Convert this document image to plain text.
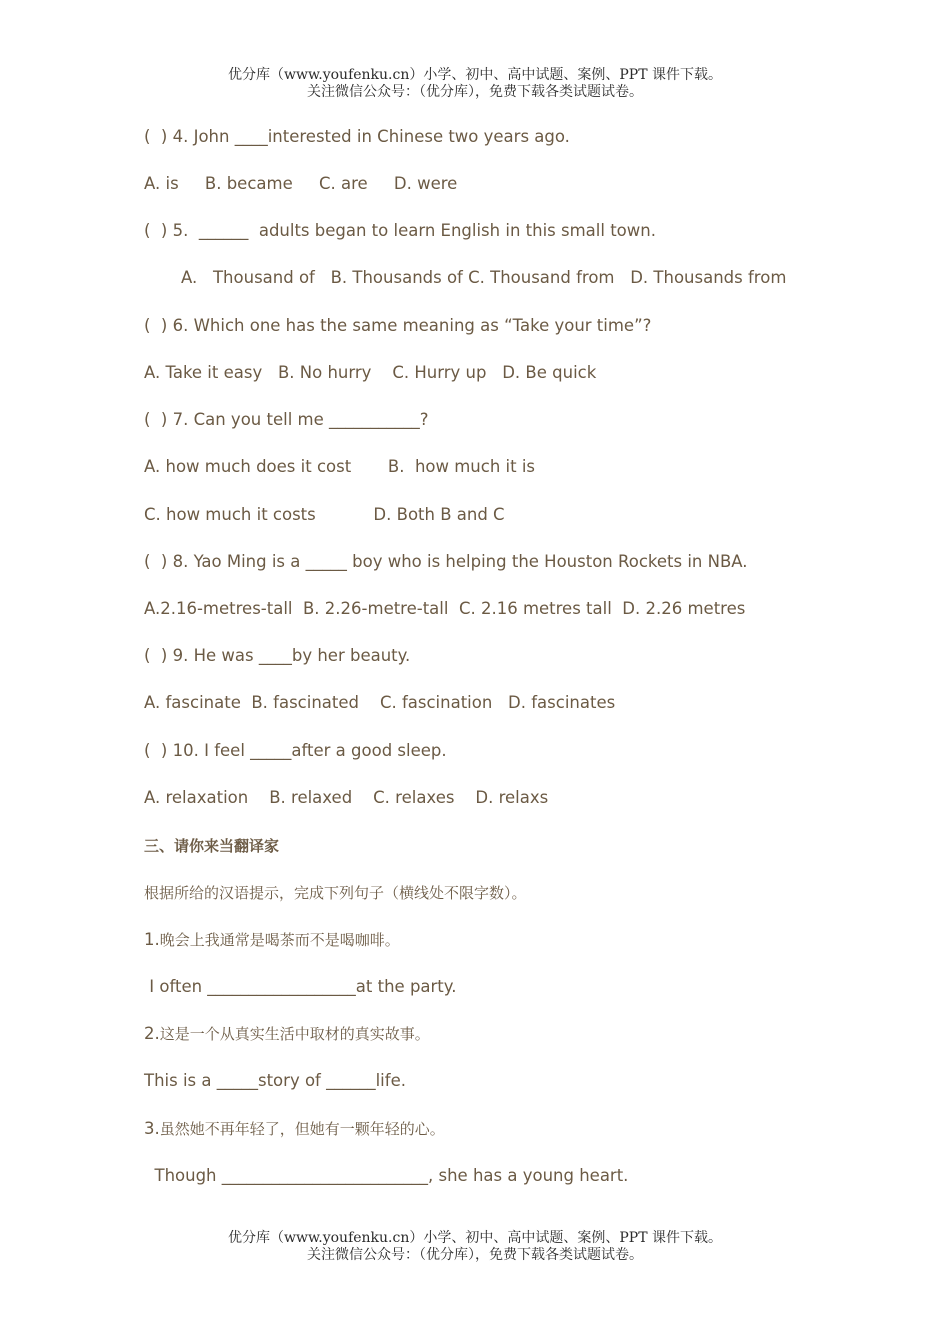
优分库（www.youfenku.cn）小学、初中、高中试题、案例、PPT 课件下载。
关注微信公众号：（优分库），免费下载各类试题试卷。
(  ) 4. John ____interested in Chinese two years ago.
A. is     B. became     C. are     D. were
(  ) 5.  ______  adults began to learn English in this small town.
A.   Thousand of   B. Thousands of C. Thousand from   D. Thousands from
(  ) 6. Which one has the same meaning as “Take your time”?
A. Take it easy   B. No hurry    C. Hurry up   D. Be quick
(  ) 7. Can you tell me ___________?
A. how much does it cost       B.  how much it is
C. how much it costs           D. Both B and C
(  ) 8. Yao Ming is a _____ boy who is helping the Houston Rockets in NBA.
A.2.16-metres-tall  B. 2.26-metre-tall  C. 2.16 metres tall  D. 2.26 metres
(  ) 9. He was ____by her beauty.
A. fascinate  B. fascinated    C. fascination   D. fascinates
(  ) 10. I feel _____after a good sleep.
A. relaxation    B. relaxed    C. relaxes    D. relaxs
三、请你来当翻译家
根据所给的汉语提示，完成下列句子（横线处不限字数）。
1.晚会上我通常是喝茶而不是喝咖啡。
I often __________________at the party.
2.这是一个从真实生活中取材的真实故事。
This is a _____story of ______life.
3.虽然她不再年轻了，但她有一颗年轻的心。
Though _________________________, she has a young heart.
优分库（www.youfenku.cn）小学、初中、高中试题、案例、PPT 课件下载。
关注微信公众号：（优分库），免费下载各类试题试卷。
